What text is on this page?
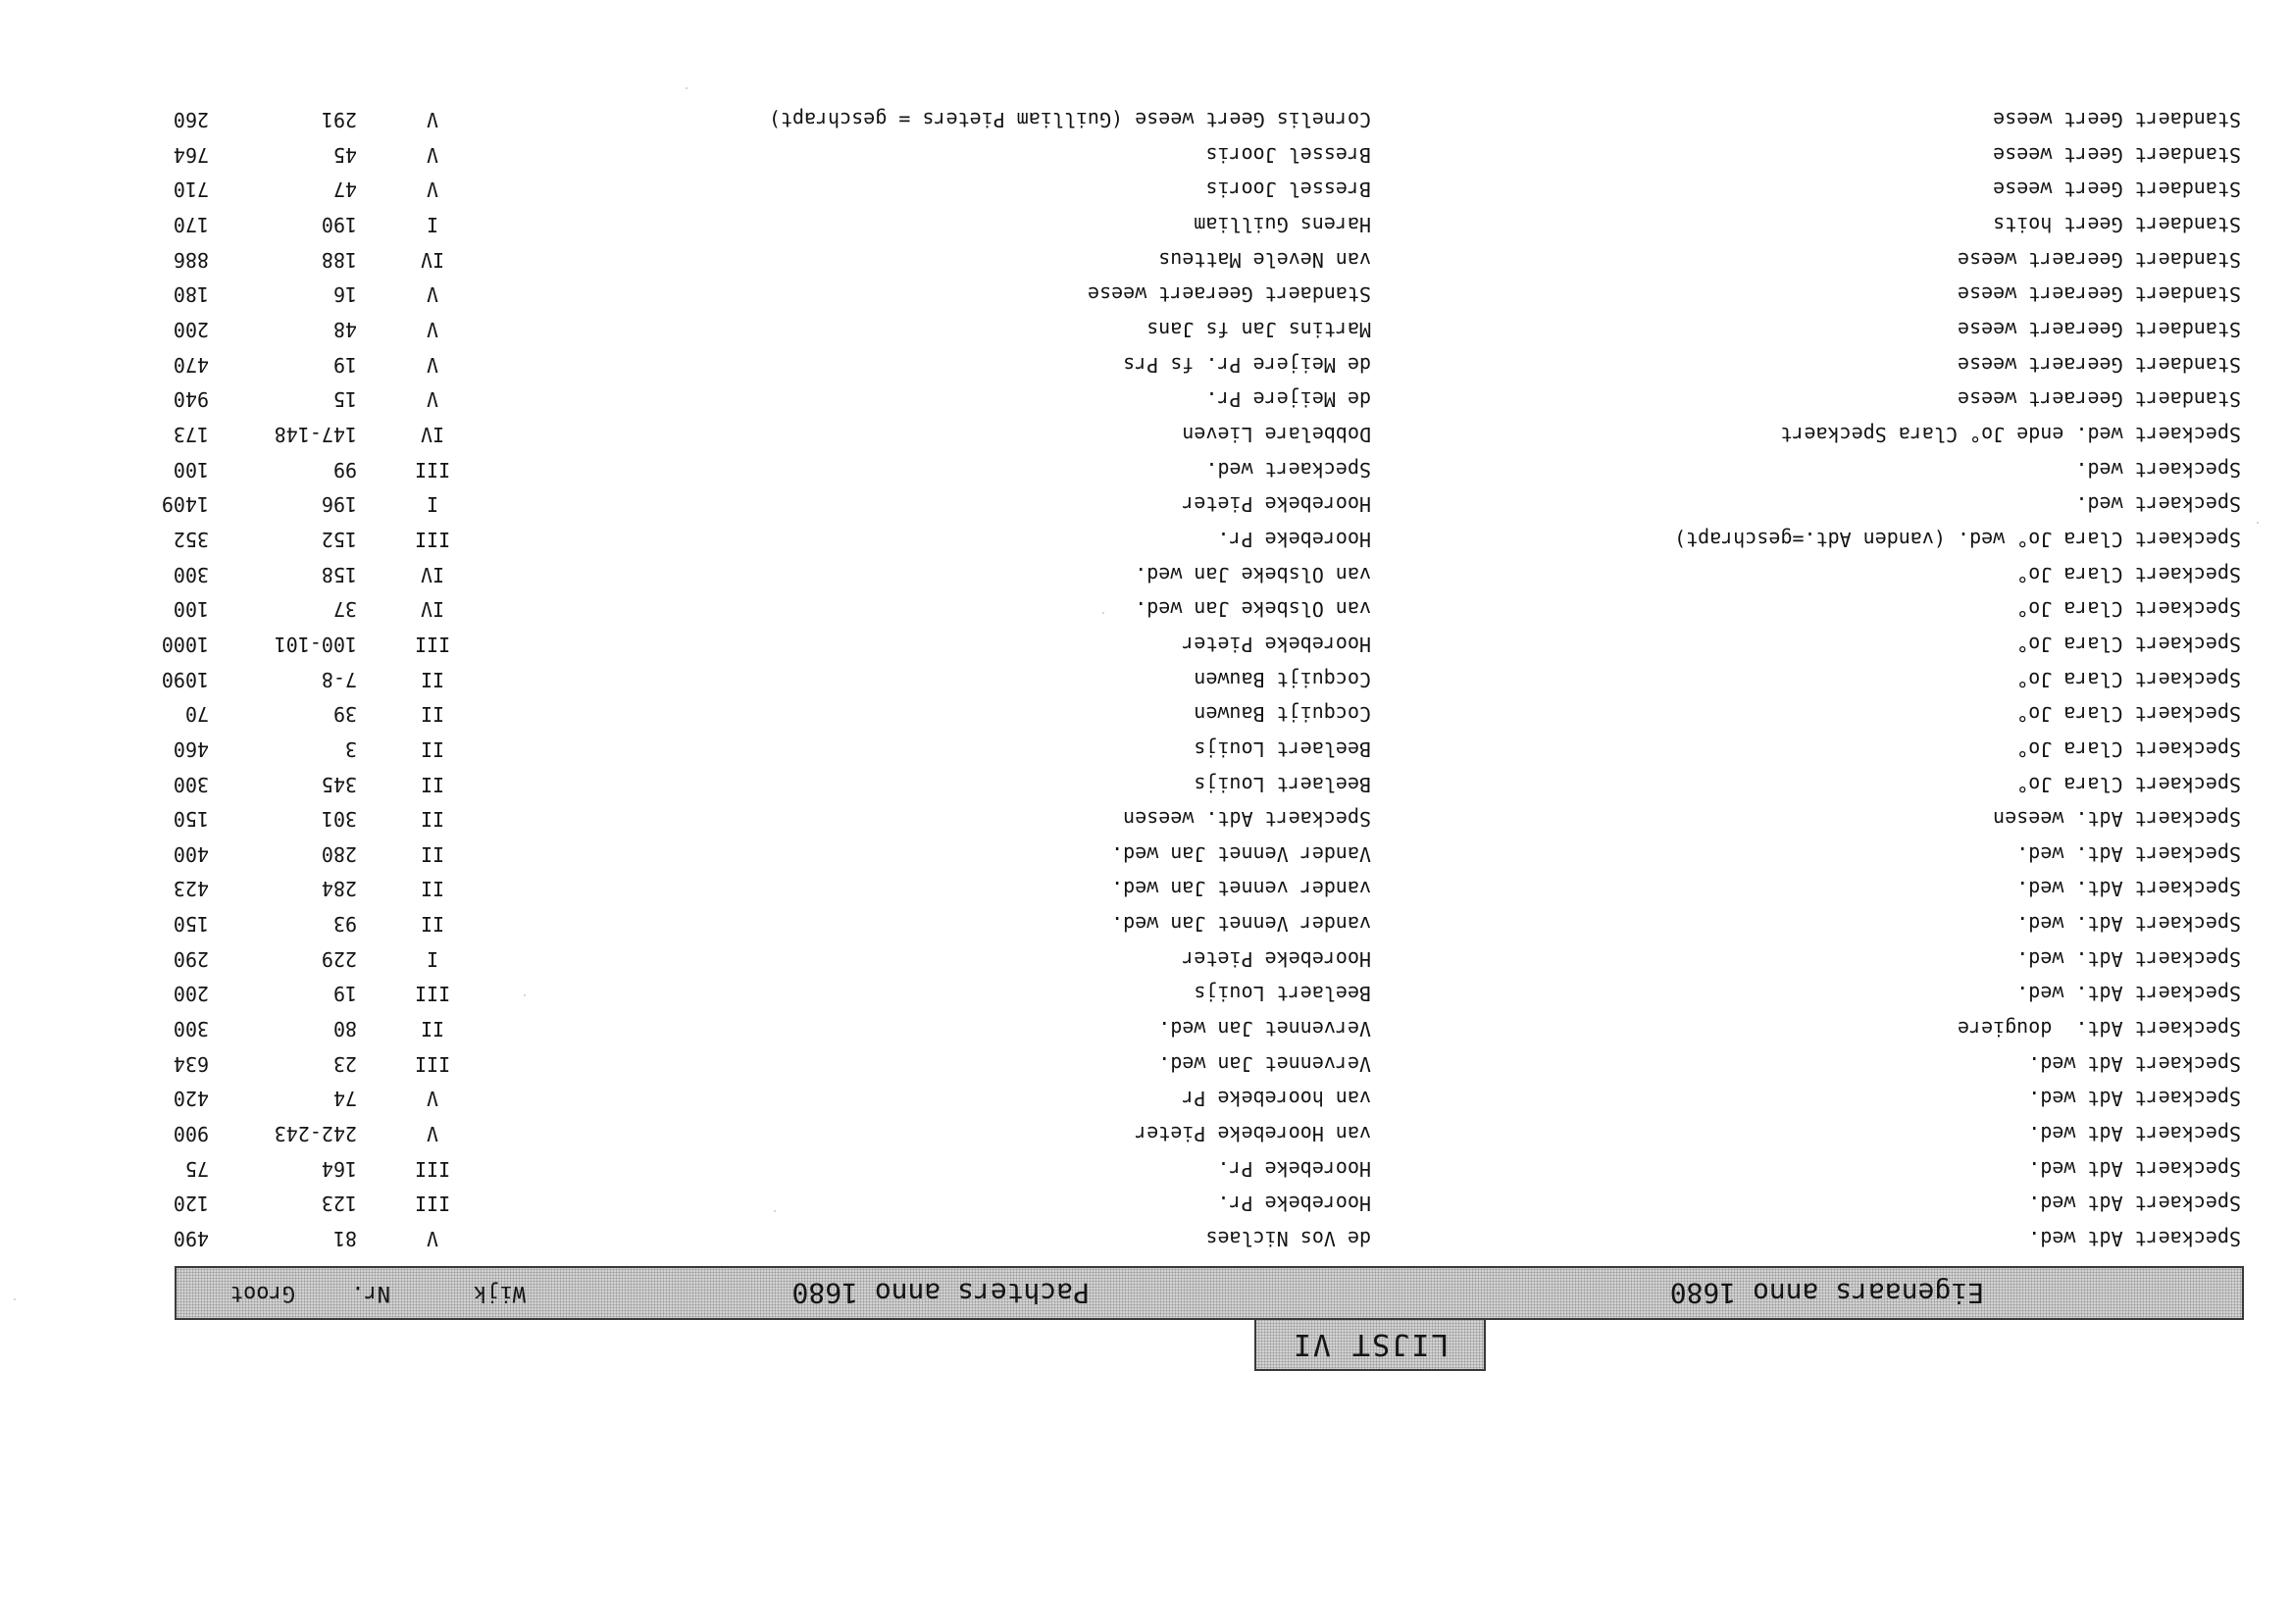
LIJST VI
Eigenaars anno 1680
Pachters anno 1680
Wijk
Nr.
Groot
Speckaert Adt wed.
de Vos Niclaes
V
81
490
Speckaert Adt wed.
Hoorebeke Pr.
III
123
120
Speckaert Adt wed.
Hoorebeke Pr.
III
164
75
Speckaert Adt wed.
van Hoorebeke Pieter
V
242-243
900
Speckaert Adt wed.
van hoorebeke Pr
V
74
420
Speckaert Adt wed.
Vervennet Jan wed.
III
23
634
Speckaert Adt.  dougiere
Vervennet Jan wed.
II
80
300
Speckaert Adt. wed.
Beelaert Louijs
III
19
200
Speckaert Adt. wed.
Hoorebeke Pieter
I
229
290
Speckaert Adt. wed.
vander Vennet Jan wed.
II
93
150
Speckaert Adt. wed.
vander vennet Jan wed.
II
284
423
Speckaert Adt. wed.
Vander Vennet Jan wed.
II
280
400
Speckaert Adt. weesen
Speckaert Adt. weesen
II
301
150
Speckaert Clara Jo°
Beelaert Louijs
II
345
300
Speckaert Clara Jo°
Beelaert Louijs
II
3
460
Speckaert Clara Jo°
Cocquijt Bauwen
II
39
70
Speckaert Clara Jo°
Cocquijt Bauwen
II
7-8
1090
Speckaert Clara Jo°
Hoorebeke Pieter
III
100-101
1000
Speckaert Clara Jo°
van Olsbeke Jan wed.
IV
37
100
Speckaert Clara Jo°
van Olsbeke Jan wed.
IV
158
300
Speckaert Clara Jo° wed. (vanden Adt.=geschrapt)
Hoorebeke Pr.
III
152
352
Speckaert wed.
Hoorebeke Pieter
I
196
1409
Speckaert wed.
Speckaert wed.
III
99
100
Speckaert wed. ende Jo° Clara Speckaert
Dobbelare Lieven
IV
147-148
173
Standaert Geeraert weese
de Meijere Pr.
V
15
940
Standaert Geeraert weese
de Meijere Pr. fs Prs
V
19
470
Standaert Geeraert weese
Martins Jan fs Jans
V
48
200
Standaert Geeraert weese
Standaert Geeraert weese
V
16
180
Standaert Geeraert weese
van Nevele Matteus
IV
188
886
Standaert Geert hoits
Harens Guilliam
I
190
170
Standaert Geert weese
Bressel Jooris
V
47
710
Standaert Geert weese
Bressel Jooris
V
45
764
Standaert Geert weese
Cornelis Geert weese (Guilliam Pieters = geschrapt)
V
291
260
